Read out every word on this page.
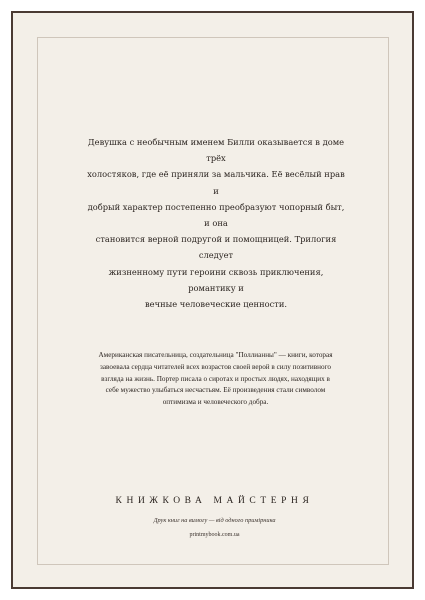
Девушка с необычным именем Билли оказывается в доме трёх
холостяков, где её приняли за мальчика. Её весёлый нрав и
добрый характер постепенно преобразуют чопорный быт, и она
становится верной подругой и помощницей. Трилогия следует
жизненному пути героини сквозь приключения, романтику и
вечные человеческие ценности.

Американская писательница, создательница "Поллианны" — книги, которая
завоевала сердца читателей всех возрастов своей верой в силу позитивного
взгляда на жизнь. Портер писала о сиротах и простых людях, находящих в
себе мужество улыбаться несчастьям. Её произведения стали символом
оптимизма и человеческого добра.

КНИЖКОВА МАЙСТЕРНЯ
Друк книг на вимогу — від одного примірника
printmybook.com.ua
